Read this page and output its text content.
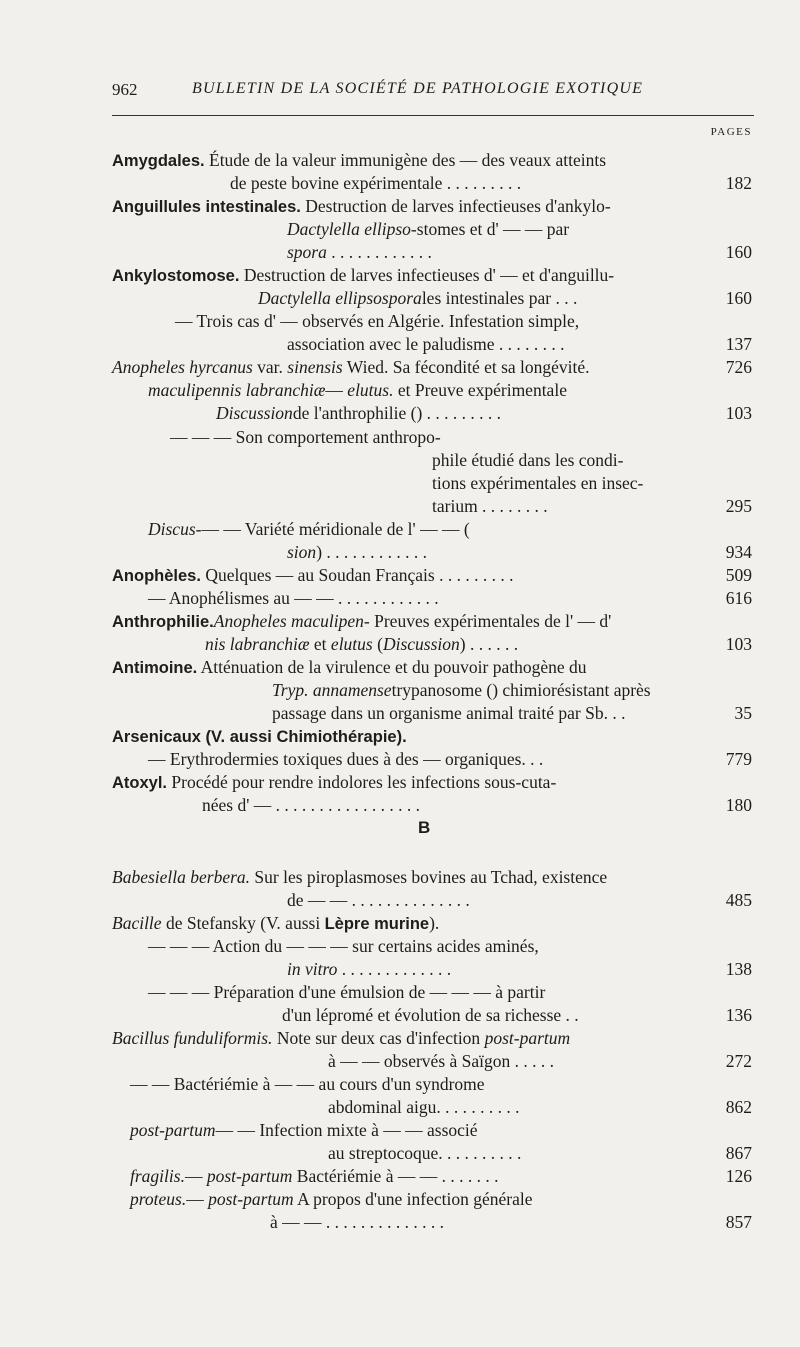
962	BULLETIN DE LA SOCIÉTÉ DE PATHOLOGIE EXOTIQUE
PAGES
B
Amygdales. Étude de la valeur immunigène des — des veaux atteints
de peste bovine expérimentale . . . . . . . . .	182
Anguillules intestinales. Destruction de larves infectieuses d'ankylo-
Dactylella ellipso-stomes et d' — — par
spora . . . . . . . . . . . .	160
Ankylostomose. Destruction de larves infectieuses d' — et d'anguillu-
Dactylella ellipsosporales intestinales par . . .	160
— Trois cas d' — observés en Algérie. Infestation simple,
association avec le paludisme . . . . . . . .	137
Anopheles hyrcanus var. sinensis Wied. Sa fécondité et sa longévité.	726
maculipennis labranchiæ— elutus. et Preuve expérimentale
Discussionde l'anthrophilie () . . . . . . . . .	103
— — — Son comportement anthropo-
phile étudié dans les condi-
tions expérimentales en insec-
tarium . . . . . . . .	295
Discus-— — Variété méridionale de l' — — (
sion) . . . . . . . . . . . .	934
Anophèles. Quelques — au Soudan Français . . . . . . . . .	509
— Anophélismes au — — . . . . . . . . . . . .	616
Anthrophilie.Anopheles maculipen- Preuves expérimentales de l' — d'
nis labranchiæ et elutus (Discussion) . . . . . .	103
Antimoine. Atténuation de la virulence et du pouvoir pathogène du
Tryp. annamensetrypanosome () chimiorésistant après
passage dans un organisme animal traité par Sb. . .	35
Arsenicaux (V. aussi Chimiothérapie).
— Erythrodermies toxiques dues à des — organiques. . .	779
Atoxyl. Procédé pour rendre indolores les infections sous-cuta-
nées d' — . . . . . . . . . . . . . . . . .	180
Babesiella berbera. Sur les piroplasmoses bovines au Tchad, existence
de — — . . . . . . . . . . . . . .	485
Bacille de Stefansky (V. aussi Lèpre murine).
— — — Action du — — — sur certains acides aminés,
in vitro . . . . . . . . . . . . .	138
— — — Préparation d'une émulsion de — — — à partir
d'un lépromé et évolution de sa richesse . .	136
Bacillus funduliformis. Note sur deux cas d'infection post-partum
à — — observés à Saïgon . . . . .	272
— — Bactériémie à — — au cours d'un syndrome
abdominal aigu. . . . . . . . . .	862
post-partum— — Infection mixte à — — associé
au streptocoque. . . . . . . . . .	867
fragilis.— post-partum Bactériémie à — — . . . . . . .	126
proteus.— post-partum A propos d'une infection générale
à — — . . . . . . . . . . . . . .	857
